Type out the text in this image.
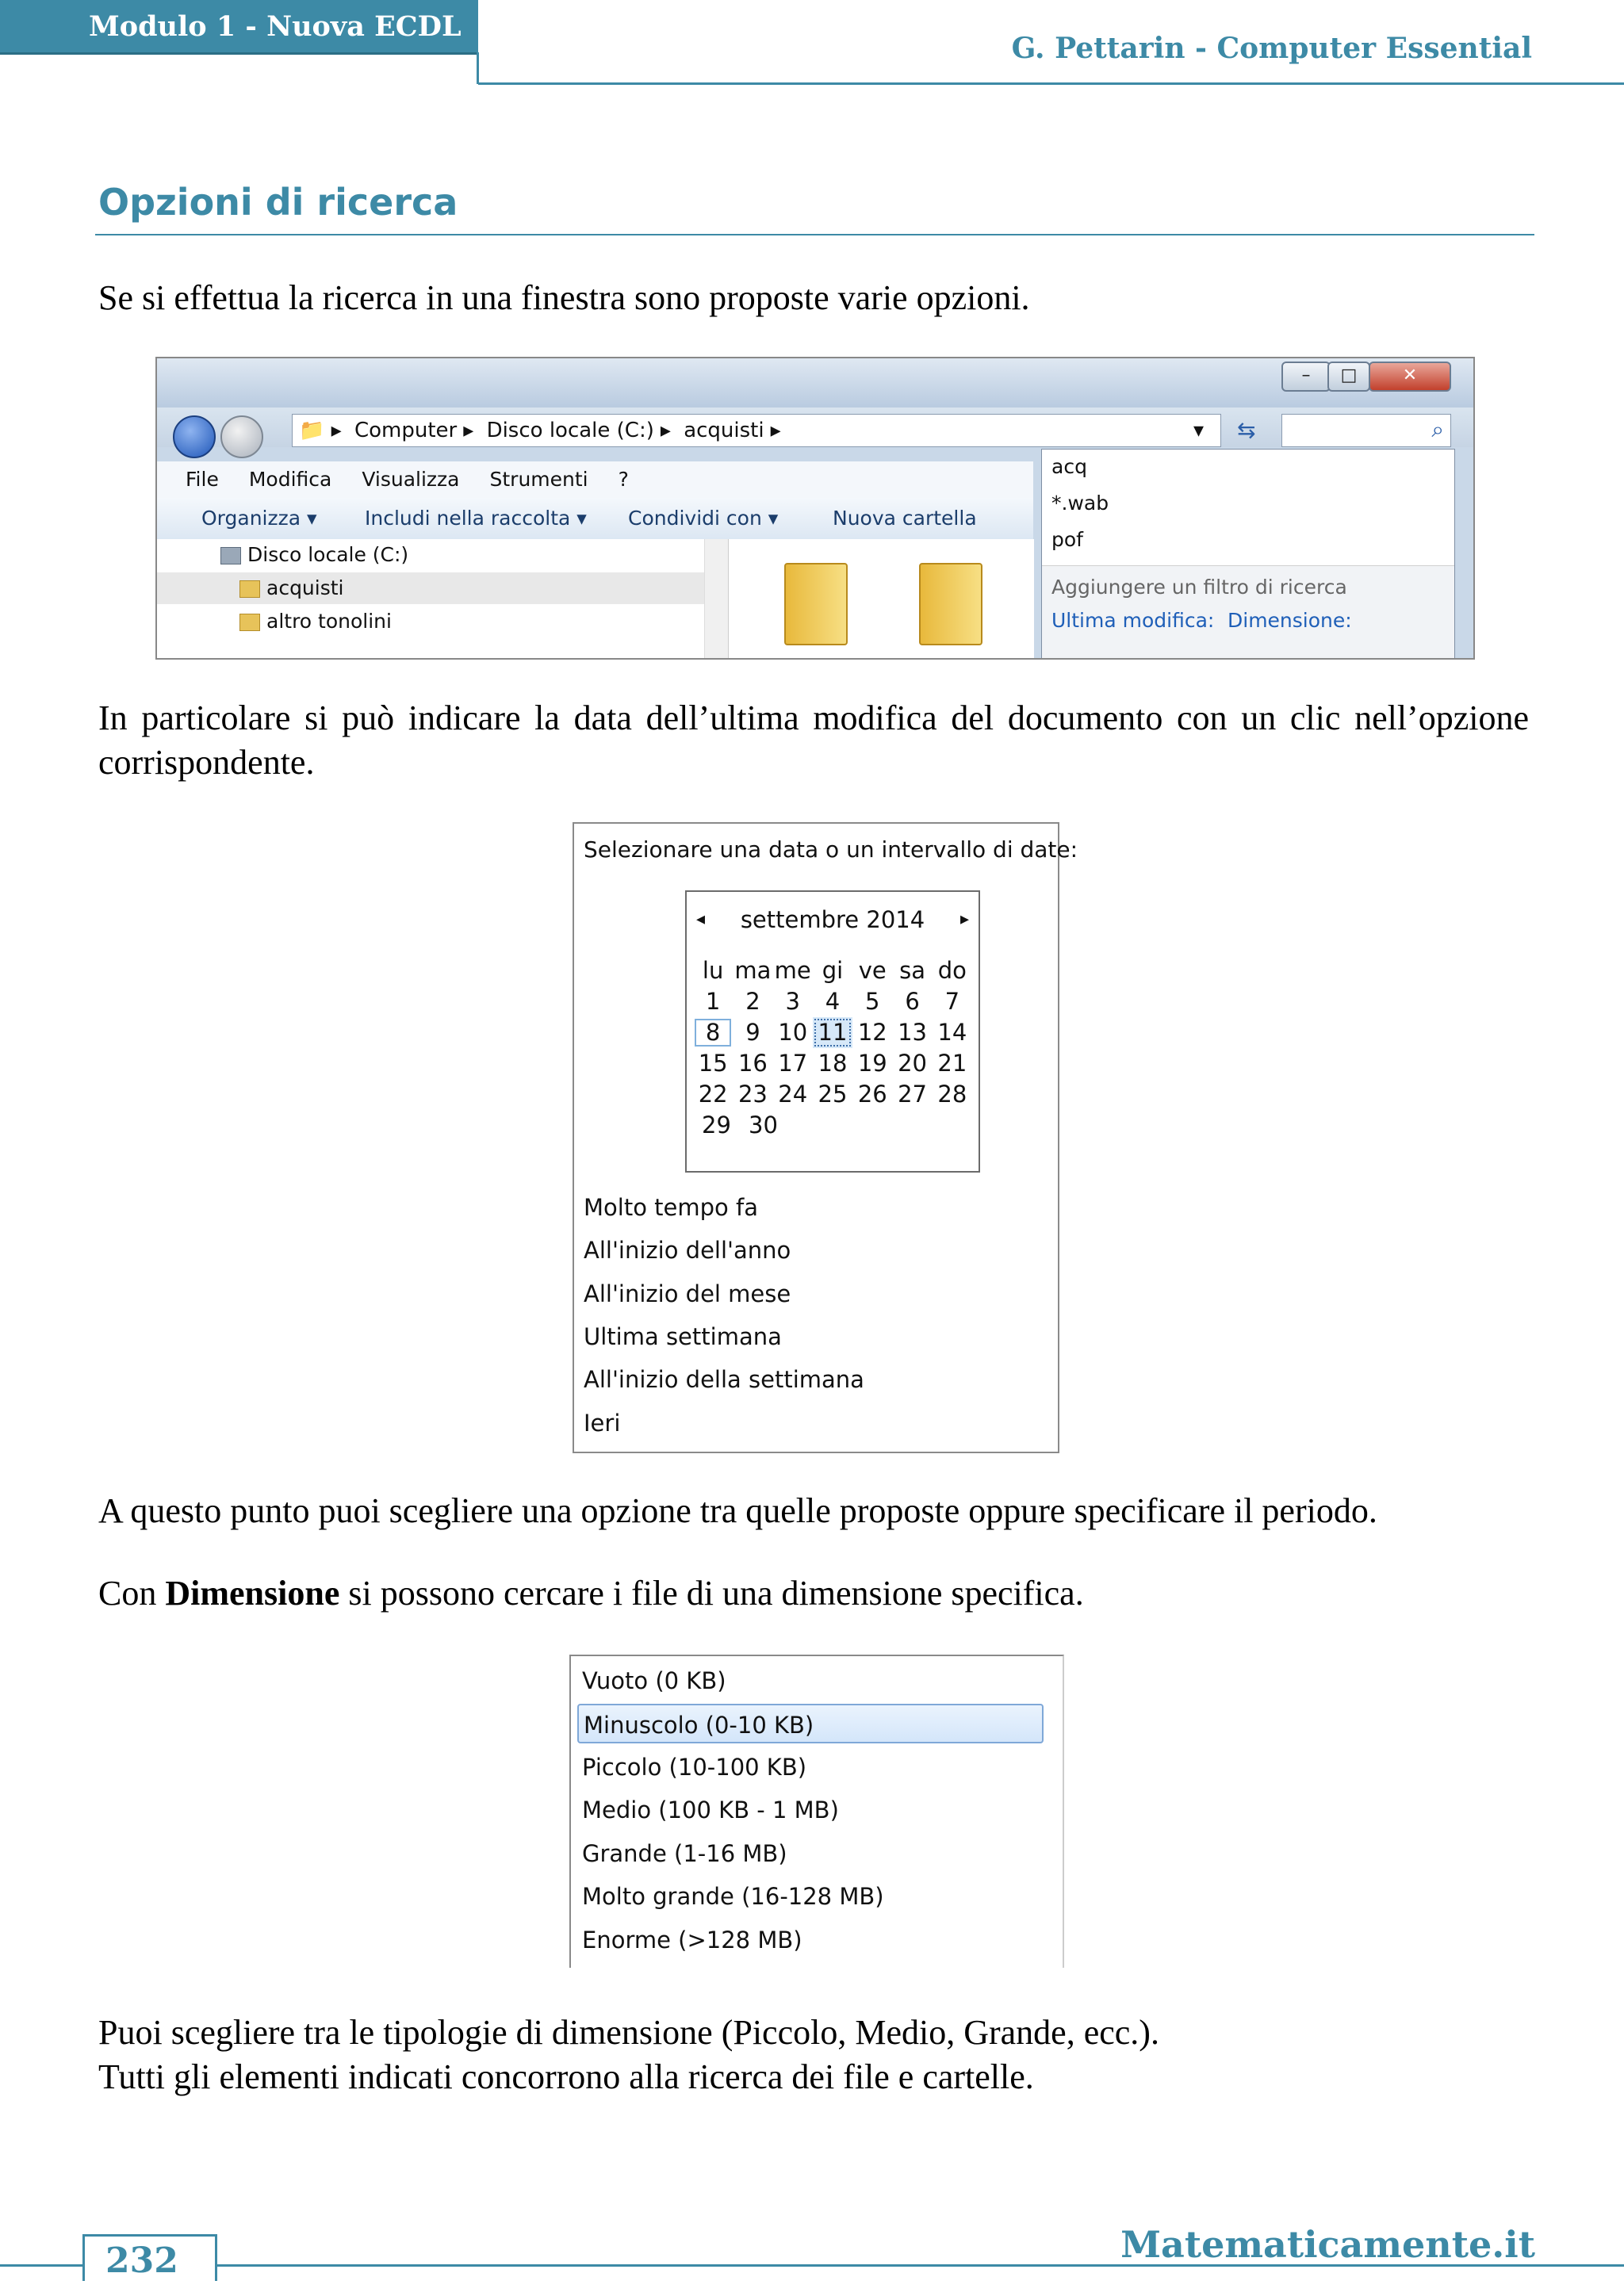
Modulo 1 - Nuova ECDL
G. Pettarin - Computer Essential
Opzioni di ricerca
Se si effettua la ricerca in una finestra sono proposte varie opzioni.
–	□	✕
📁 ▸ Computer ▸ Disco locale (C:) ▸ acquisti ▸	▾ ⇆	⌕
File Modifica Visualizza Strumenti ?
Organizza ▾ Includi nella raccolta ▾ Condividi con ▾	Nuova cartella
Disco locale (C:)
acquisti
altro tonolini
acq
*.wab
pof
Aggiungere un filtro di ricerca
Ultima modifica: Dimensione:
In particolare si può indicare la data dell’ultima modifica del documento con un clic nell’opzione corrispondente.
Selezionare una data o un intervallo di date:
◂	settembre 2014	▸
lu ma me gi ve sa do
1	2	3	4	5	6	7
8	9 10 11 12 13 14
15 16 17 18 19 20 21
22 23 24 25 26 27 28
29 30
Molto tempo fa
All'inizio dell'anno
All'inizio del mese
Ultima settimana
All'inizio della settimana
Ieri
A questo punto puoi scegliere una opzione tra quelle proposte oppure specificare il periodo.
Con Dimensione si possono cercare i file di una dimensione specifica.
Vuoto (0 KB)
Minuscolo (0-10 KB)
Piccolo (10-100 KB)
Medio (100 KB - 1 MB)
Grande (1-16 MB)
Molto grande (16-128 MB)
Enorme (>128 MB)
Puoi scegliere tra le tipologie di dimensione (Piccolo, Medio, Grande, ecc.).
Tutti gli elementi indicati concorrono alla ricerca dei file e cartelle.
232	Matematicamente.it
